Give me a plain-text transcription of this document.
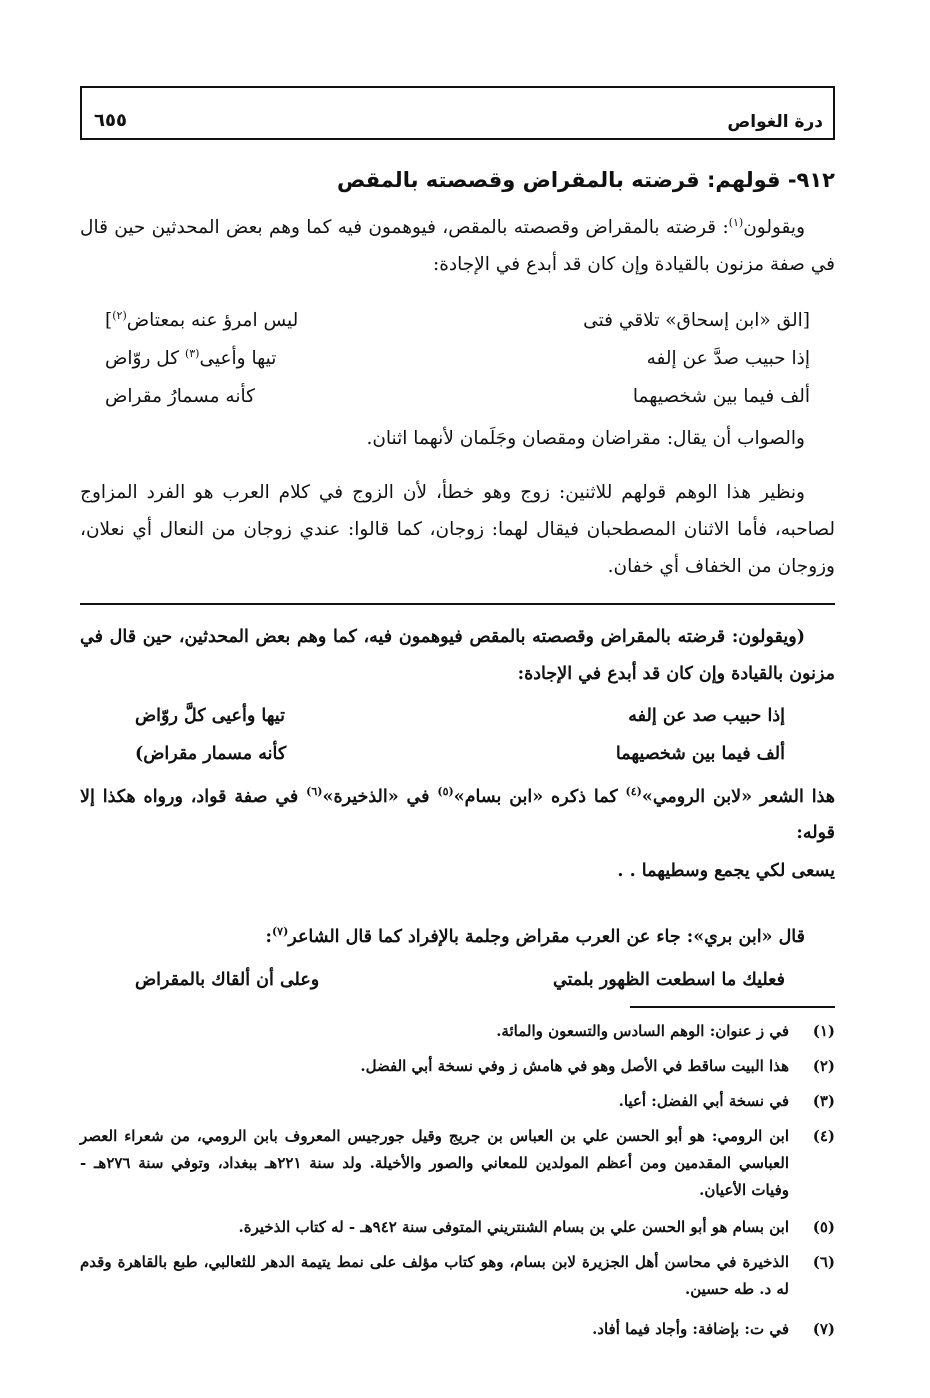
درة الغواص
٦٥٥
٩١٢- قولهم: قرضته بالمقراض وقصصته بالمقص
ويقولون$^{(١)}$: قرضته بالمقراض وقصصته بالمقص، فيوهمون فيه كما وهم بعض المحدثين حين قال في صفة مزنون بالقيادة وإن كان قد أبدع في الإجادة:
[الق «ابن إسحاق» تلاقي فتى
ليس امرؤ عنه بمعتاض$^{(٢)}$]
إذا حبيب صدَّ عن إلفه
تيها وأعيى$^{(٣)}$ كل روّاض
ألف فيما بين شخصيهما
كأنه مسمارُ مقراض
والصواب أن يقال: مقراضان ومقصان وجَلَمان لأنهما اثنان.
ونظير هذا الوهم قولهم للاثنين: زوج وهو خطأ، لأن الزوج في كلام العرب هو الفرد المزاوج لصاحبه، فأما الاثنان المصطحبان فيقال لهما: زوجان، كما قالوا: عندي زوجان من النعال أي نعلان، وزوجان من الخفاف أي خفان.
(ويقولون: قرضته بالمقراض وقصصته بالمقص فيوهمون فيه، كما وهم بعض المحدثين، حين قال في مزنون بالقيادة وإن كان قد أبدع في الإجادة:
إذا حبيب صد عن إلفه
تيها وأعيى كلَّ روّاض
ألف فيما بين شخصيهما
كأنه مسمار مقراض)
هذا الشعر «لابن الرومي»$^{(٤)}$ كما ذكره «ابن بسام»$^{(٥)}$ في «الذخيرة»$^{(٦)}$ في صفة قواد، ورواه هكذا إلا قوله:
يسعى لكي يجمع وسطيهما . .
قال «ابن بري»: جاء عن العرب مقراض وجلمة بالإفراد كما قال الشاعر$^{(٧)}$:
فعليك ما اسطعت الظهور بلمتي
وعلى أن ألقاك بالمقراض
(١)
في ز عنوان: الوهم السادس والتسعون والمائة.
(٢)
هذا البيت ساقط في الأصل وهو في هامش ز وفي نسخة أبي الفضل.
(٣)
في نسخة أبي الفضل: أعيا.
(٤)
ابن الرومي: هو أبو الحسن علي بن العباس بن جريج وقيل جورجيس المعروف بابن الرومي، من شعراء العصر العباسي المقدمين ومن أعظم المولدين للمعاني والصور والأخيلة. ولد سنة ٢٢١هـ ببغداد، وتوفي سنة ٢٧٦هـ - وفيات الأعيان.
(٥)
ابن بسام هو أبو الحسن علي بن بسام الشنتريني المتوفى سنة ٩٤٢هـ - له كتاب الذخيرة.
(٦)
الذخيرة في محاسن أهل الجزيرة لابن بسام، وهو كتاب مؤلف على نمط يتيمة الدهر للثعالبي، طبع بالقاهرة وقدم له د. طه حسين.
(٧)
في ت: بإضافة: وأجاد فيما أفاد.
